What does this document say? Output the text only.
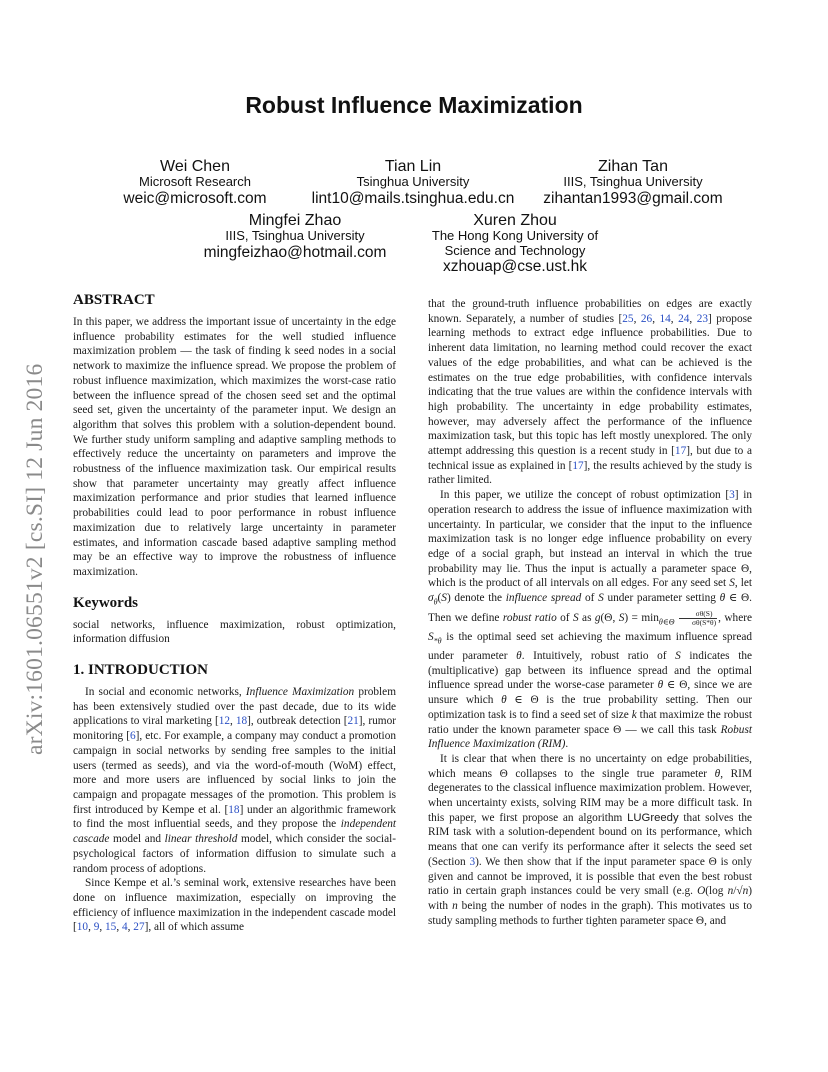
arXiv:1601.06551v2 [cs.SI] 12 Jun 2016
Robust Influence Maximization
Wei Chen
Microsoft Research
weic@microsoft.com
Tian Lin
Tsinghua University
lint10@mails.tsinghua.edu.cn
Zihan Tan
IIIS, Tsinghua University
zihantan1993@gmail.com
Mingfei Zhao
IIIS, Tsinghua University
mingfeizhao@hotmail.com
Xuren Zhou
The Hong Kong University of
Science and Technology
xzhouap@cse.ust.hk
ABSTRACT

In this paper, we address the important issue of uncertainty in the edge influence probability estimates for the well studied influence maximization problem — the task of finding k seed nodes in a social network to maximize the influence spread. We propose the problem of robust influence maximization, which maximizes the worst-case ratio between the influence spread of the chosen seed set and the optimal seed set, given the uncertainty of the parameter input. We design an algorithm that solves this problem with a solution-dependent bound. We further study uniform sampling and adaptive sampling methods to effectively reduce the uncertainty on parameters and improve the robustness of the influence maximization task. Our empirical results show that parameter uncertainty may greatly affect influence maximization performance and prior studies that learned influence probabilities could lead to poor performance in robust influence maximization due to relatively large uncertainty in parameter estimates, and information cascade based adaptive sampling method may be an effective way to improve the robustness of influence maximization.

Keywords

social networks, influence maximization, robust optimization, information diffusion

1. INTRODUCTION

In social and economic networks, Influence Maximization problem has been extensively studied over the past decade, due to its wide applications to viral marketing [12, 18], outbreak detection [21], rumor monitoring [6], etc. For example, a company may conduct a promotion campaign in social networks by sending free samples to the initial users (termed as seeds), and via the word-of-mouth (WoM) effect, more and more users are influenced by social links to join the campaign and propagate messages of the promotion. This problem is first introduced by Kempe et al. [18] under an algorithmic framework to find the most influential seeds, and they propose the independent cascade model and linear threshold model, which consider the social-psychological factors of information diffusion to simulate such a random process of adoptions.

Since Kempe et al.’s seminal work, extensive researches have been done on influence maximization, especially on improving the efficiency of influence maximization in the independent cascade model [10, 9, 15, 4, 27], all of which assume

that the ground-truth influence probabilities on edges are exactly known. Separately, a number of studies [25, 26, 14, 24, 23] propose learning methods to extract edge influence probabilities. Due to inherent data limitation, no learning method could recover the exact values of the edge probabilities, and what can be achieved is the estimates on the true edge probabilities, with confidence intervals indicating that the true values are within the confidence intervals with high probability. The uncertainty in edge probability estimates, however, may adversely affect the performance of the influence maximization task, but this topic has left mostly unexplored. The only attempt addressing this question is a recent study in [17], but due to a technical issue as explained in [17], the results achieved by the study is rather limited.

In this paper, we utilize the concept of robust optimization [3] in operation research to address the issue of influence maximization with uncertainty. In particular, we consider that the input to the influence maximization task is no longer edge influence probability on every edge of a social graph, but instead an interval in which the true probability may lie. Thus the input is actually a parameter space Θ, which is the product of all intervals on all edges. For any seed set S, let $\sigma_\theta(S)$ denote the influence spread of S under parameter setting θ ∈ Θ. Then we define robust ratio of S as g(Θ, $S) = \min_{\theta\in\Theta} \frac{\sigma\theta(S)}{\sigma\theta(S*\theta)}$ , where $S_{*\theta}$ is the optimal seed set achieving the maximum influence spread under parameter θ. Intuitively, robust ratio of S indicates the (multiplicative) gap between its influence spread and the optimal influence spread under the worse-case parameter θ ∈ Θ, since we are unsure which θ ∈ Θ is the true probability setting. Then our optimization task is to find a seed set of size k that maximize the robust ratio under the known parameter space Θ — we call this task Robust Influence Maximization (RIM).

It is clear that when there is no uncertainty on edge probabilities, which means Θ collapses to the single true parameter θ, RIM degenerates to the classical influence maximization problem. However, when uncertainty exists, solving RIM may be a more difficult task. In this paper, we first propose an algorithm LUGreedy that solves the RIM task with a solution-dependent bound on its performance, which means that one can verify its performance after it selects the seed set (Section 3). We then show that if the input parameter space Θ is only given and cannot be improved, it is possible that even the best robust ratio in certain graph instances could be very small (e.g. O(log n/√n) with n being the number of nodes in the graph). This motivates us to study sampling methods to further tighten parameter space Θ, and
